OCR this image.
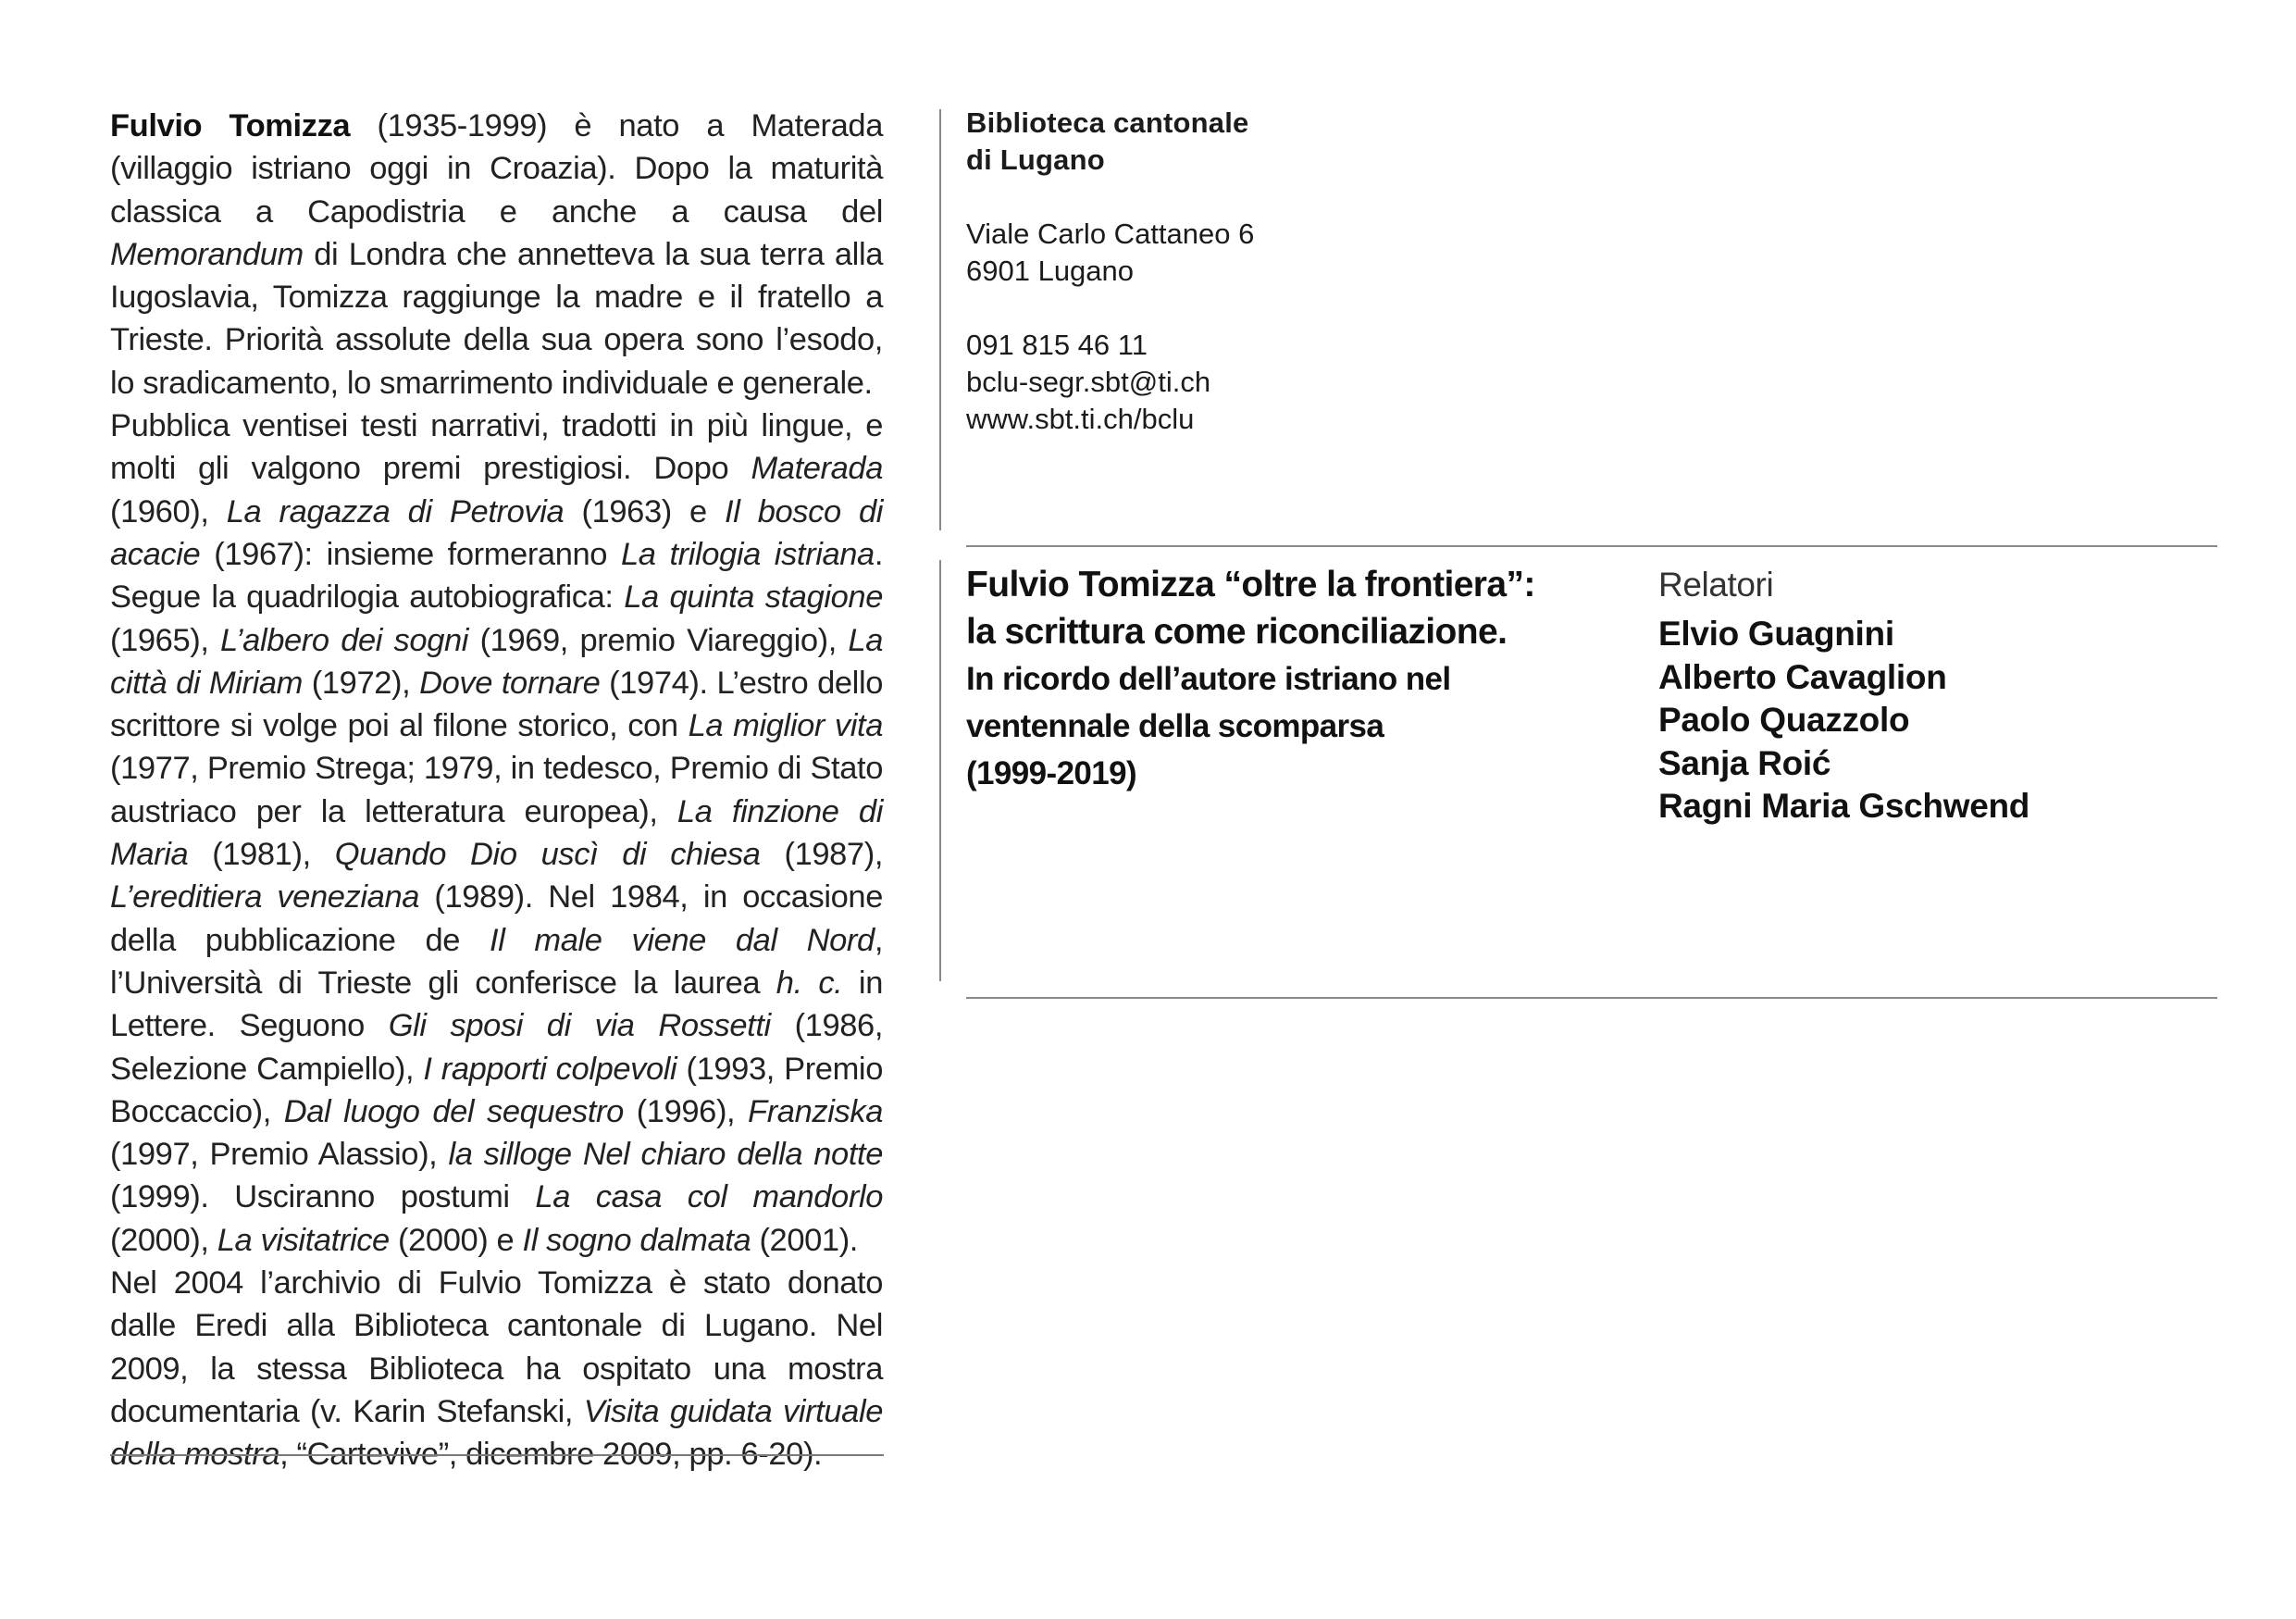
Fulvio Tomizza (1935-1999) è nato a Materada (villaggio istriano oggi in Croazia). Dopo la maturità classica a Capodistria e anche a causa del Memorandum di Londra che annetteva la sua terra alla Iugoslavia, Tomizza raggiunge la madre e il fratello a Trieste. Priorità assolute della sua opera sono l’esodo, lo sradicamento, lo smarrimento individuale e generale.

Pubblica ventisei testi narrativi, tradotti in più lingue, e molti gli valgono premi prestigiosi. Dopo Materada (1960), La ragazza di Petrovia (1963) e Il bosco di acacie (1967): insieme formeranno La trilogia istriana. Segue la quadrilogia autobiografica: La quinta stagione (1965), L’albero dei sogni (1969, premio Viareggio), La città di Miriam (1972), Dove tornare (1974). L’estro dello scrittore si volge poi al filone storico, con La miglior vita (1977, Premio Strega; 1979, in tedesco, Premio di Stato austriaco per la letteratura europea), La finzione di Maria (1981), Quando Dio uscì di chiesa (1987), L’ereditiera veneziana (1989). Nel 1984, in occasione della pubblicazione de Il male viene dal Nord, l’Università di Trieste gli conferisce la laurea h. c. in Lettere. Seguono Gli sposi di via Rossetti (1986, Selezione Campiello), I rapporti colpevoli (1993, Premio Boccaccio), Dal luogo del sequestro (1996), Franziska (1997, Premio Alassio), la silloge Nel chiaro della notte (1999). Usciranno postumi La casa col mandorlo (2000), La visitatrice (2000) e Il sogno dalmata (2001).

Nel 2004 l’archivio di Fulvio Tomizza è stato donato dalle Eredi alla Biblioteca cantonale di Lugano. Nel 2009, la stessa Biblioteca ha ospitato una mostra documentaria (v. Karin Stefanski, Visita guidata virtuale della mostra, “Cartevive”, dicembre 2009, pp. 6-20).

Biblioteca cantonale
di Lugano
Viale Carlo Cattaneo 6
6901 Lugano
091 815 46 11
bclu-segr.sbt@ti.ch
www.sbt.ti.ch/bclu
Fulvio Tomizza “oltre la frontiera”:
la scrittura come riconciliazione.
In ricordo dell’autore istriano nel
ventennale della scomparsa
(1999-2019)
Relatori
Elvio Guagnini
Alberto Cavaglion
Paolo Quazzolo
Sanja Roić
Ragni Maria Gschwend
